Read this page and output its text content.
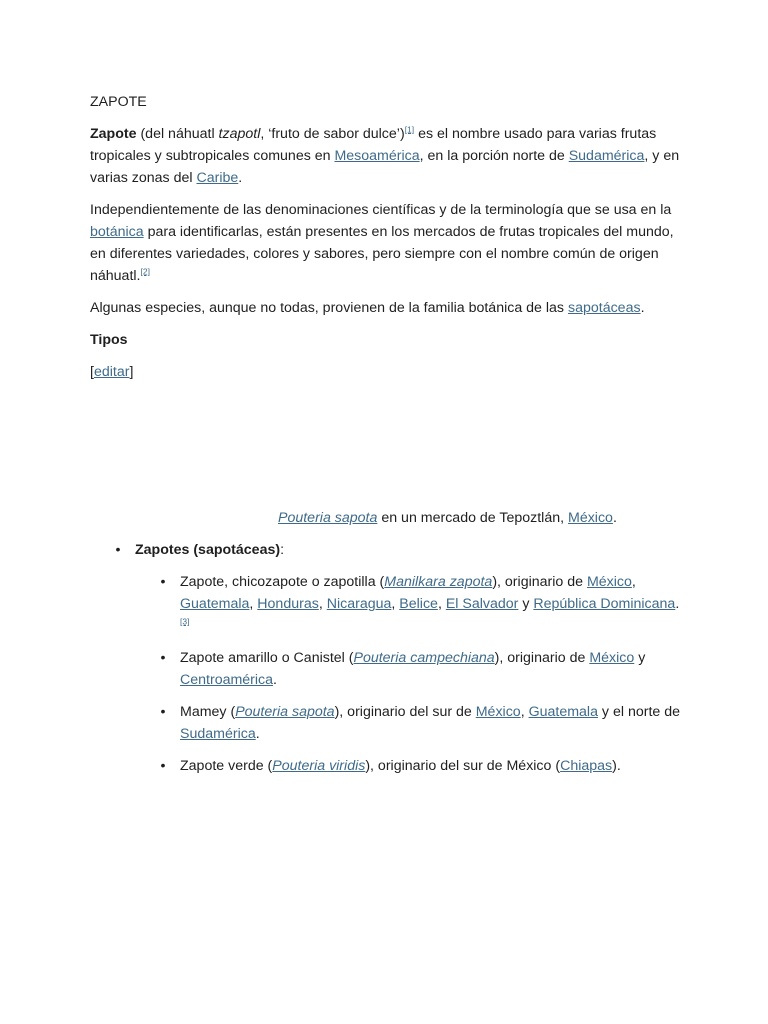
ZAPOTE

Zapote (del náhuatl tzapotl, ‘fruto de sabor dulce’)[1] es el nombre usado para varias frutas tropicales y subtropicales comunes en Mesoamérica, en la porción norte de Sudamérica, y en varias zonas del Caribe.

Independientemente de las denominaciones científicas y de la terminología que se usa en la botánica para identificarlas, están presentes en los mercados de frutas tropicales del mundo, en diferentes variedades, colores y sabores, pero siempre con el nombre común de origen náhuatl.[2]

Algunas especies, aunque no todas, provienen de la familia botánica de las sapotáceas.

Tipos

[editar]

Pouteria sapota en un mercado de Tepoztlán, México.

•	Zapotes (sapotáceas):
•	Zapote, chicozapote o zapotilla (Manilkara zapota), originario de México, Guatemala, Honduras, Nicaragua, Belice, El Salvador y República Dominicana.[3]
•	Zapote amarillo o Canistel (Pouteria campechiana), originario de México y Centroamérica.
•	Mamey (Pouteria sapota), originario del sur de México, Guatemala y el norte de Sudamérica.
•	Zapote verde (Pouteria viridis), originario del sur de México (Chiapas).
